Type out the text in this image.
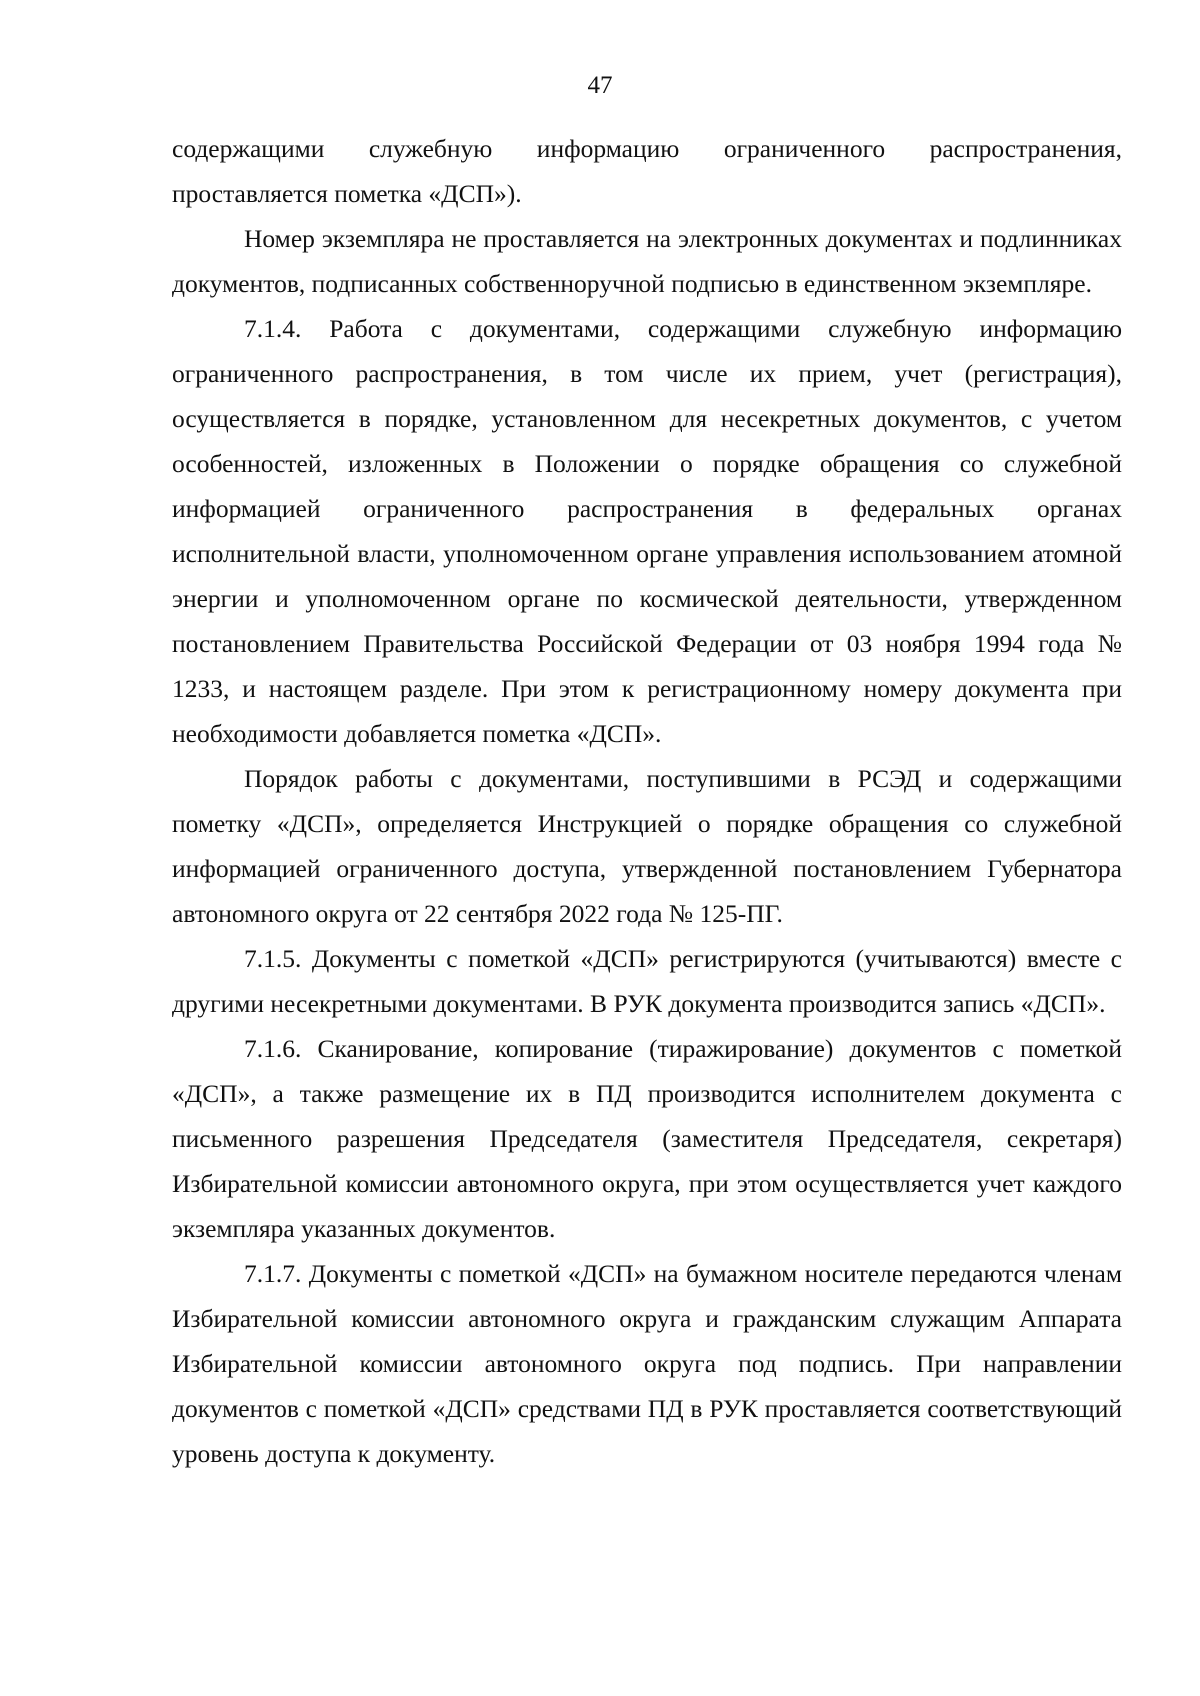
47

содержащими служебную информацию ограниченного распространения, проставляется пометка «ДСП»).

Номер экземпляра не проставляется на электронных документах и подлинниках документов, подписанных собственноручной подписью в единственном экземпляре.

7.1.4. Работа с документами, содержащими служебную информацию ограниченного распространения, в том числе их прием, учет (регистрация), осуществляется в порядке, установленном для несекретных документов, с учетом особенностей, изложенных в Положении о порядке обращения со служебной информацией ограниченного распространения в федеральных органах исполнительной власти, уполномоченном органе управления использованием атомной энергии и уполномоченном органе по космической деятельности, утвержденном постановлением Правительства Российской Федерации от 03 ноября 1994 года № 1233, и настоящем разделе. При этом к регистрационному номеру документа при необходимости добавляется пометка «ДСП».

Порядок работы с документами, поступившими в РСЭД и содержащими пометку «ДСП», определяется Инструкцией о порядке обращения со служебной информацией ограниченного доступа, утвержденной постановлением Губернатора автономного округа от 22 сентября 2022 года № 125-ПГ.

7.1.5. Документы с пометкой «ДСП» регистрируются (учитываются) вместе с другими несекретными документами. В РУК документа производится запись «ДСП».

7.1.6. Сканирование, копирование (тиражирование) документов с пометкой «ДСП», а также размещение их в ПД производится исполнителем документа с письменного разрешения Председателя (заместителя Председателя, секретаря) Избирательной комиссии автономного округа, при этом осуществляется учет каждого экземпляра указанных документов.

7.1.7. Документы с пометкой «ДСП» на бумажном носителе передаются членам Избирательной комиссии автономного округа и гражданским служащим Аппарата Избирательной комиссии автономного округа под подпись. При направлении документов с пометкой «ДСП» средствами ПД в РУК проставляется соответствующий уровень доступа к документу.
